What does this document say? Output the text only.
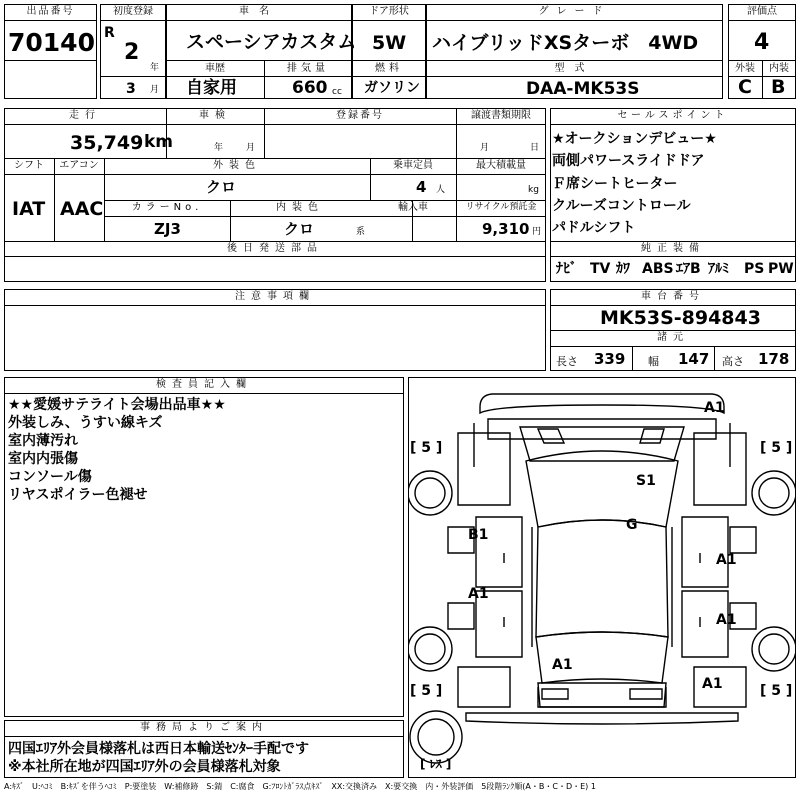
出品番号
70140
初度登録
R
2
年
3 月
車名
スペーシアカスタム
車歴
自家用
排気量
660 cc
ドア形状
5W
燃料
ガソリン
グレード
ハイブリッドXSターボ　4WD
型式
DAA-MK53S
評価点
4
外装	内装
C B
走行
35,749 km
車検
年	月
登録番号	譲渡書類期限
月	日
シフト
IAT
エアコン
AAC
外装色
クロ
乗車定員
4 人
最大積載量
kg
カラーNo.
ZJ3
内装色
クロ	系
輸入車	リサイクル預託金
9,310 円
後日発送部品
セールスポイント
★オークションデビュー★
両側パワースライドドア
Ｆ席シートヒーター
クルーズコントロール
パドルシフト
純正装備
ﾅﾋﾞ TV ｶﾜ ABS ｴｱB ｱﾙﾐ PS PW
注意事項欄	車台番号
MK53S-894843
諸元
長さ 339 幅 147 高さ 178
検査員記入欄
★★愛媛サテライト会場出品車★★
外装しみ、うすい線キズ
室内薄汚れ
室内内張傷
コンソール傷
リヤスポイラー色褪せ
事務局よりご案内
四国ｴﾘｱ外会員様落札は西日本輸送ｾﾝﾀｰ手配です
※本社所在地が四国ｴﾘｱ外の会員様落札対象
[ 5 ]	[ 5 ]
[ 5 ]	[ 5 ]
[ ﾚｽ ]
A1
S1
G
B1
A1
A1
A1
A1
A1
A:ｷｽﾞ　U:ﾍｺﾐ　B:ｷｽﾞを伴うﾍｺﾐ　P:要塗装　W:補修跡　S:錆　C:腐食　G:ﾌﾛﾝﾄｶﾞﾗｽ点ｷｽﾞ　XX:交換済み　X:要交換　内・外装評価　5段階ﾗﾝｸ順(A・B・C・D・E) 1
